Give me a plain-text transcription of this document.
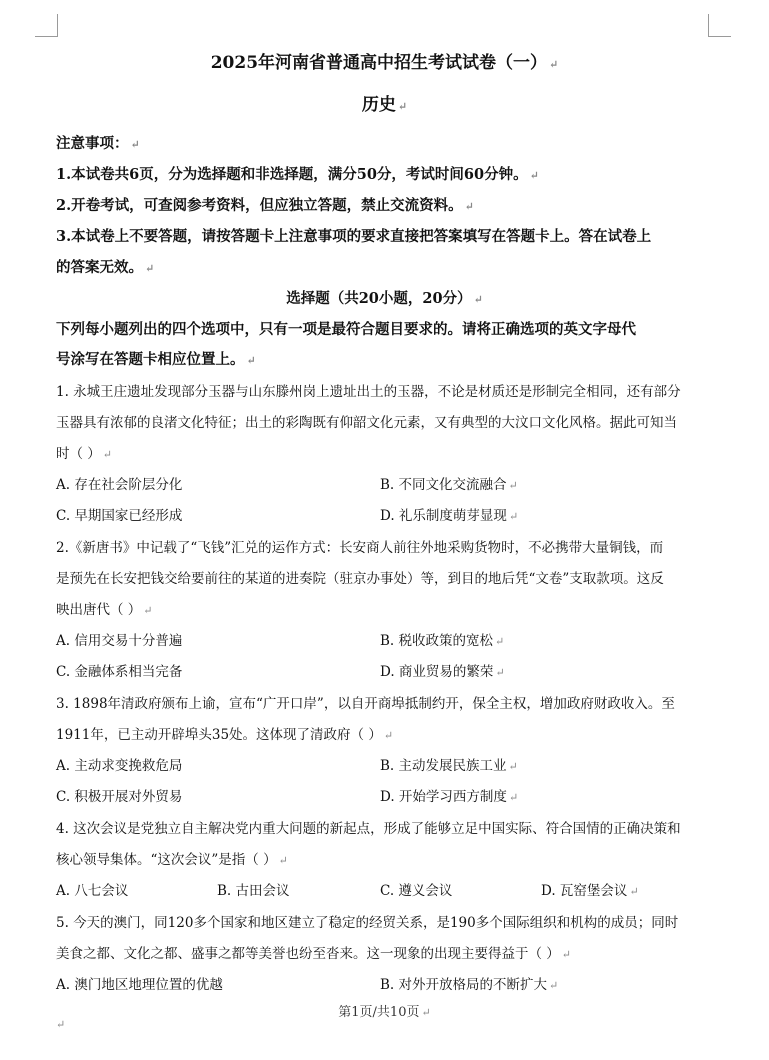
2025年河南省普通高中招生考试试卷（一） ↵
历史 ↵
注意事项： ↵
1.本试卷共6页，分为选择题和非选择题，满分50分，考试时间60分钟。 ↵
2.开卷考试，可查阅参考资料，但应独立答题，禁止交流资料。 ↵
3.本试卷上不要答题，请按答题卡上注意事项的要求直接把答案填写在答题卡上。答在试卷上
的答案无效。 ↵
选择题（共20小题，20分） ↵
下列每小题列出的四个选项中，只有一项是最符合题目要求的。请将正确选项的英文字母代
号涂写在答题卡相应位置上。 ↵
1. 永城王庄遗址发现部分玉器与山东滕州岗上遗址出土的玉器，不论是材质还是形制完全相同，还有部分
玉器具有浓郁的良渚文化特征；出土的彩陶既有仰韶文化元素，又有典型的大汶口文化风格。据此可知当
时（ ） ↵
A. 存在社会阶层分化	B. 不同文化交流融合 ↵
C. 早期国家已经形成	D. 礼乐制度萌芽显现 ↵
2.《新唐书》中记载了“飞钱”汇兑的运作方式：长安商人前往外地采购货物时，不必携带大量铜钱，而
是预先在长安把钱交给要前往的某道的进奏院（驻京办事处）等，到目的地后凭“文卷”支取款项。这反
映出唐代（ ） ↵
A. 信用交易十分普遍	B. 税收政策的宽松 ↵
C. 金融体系相当完备	D. 商业贸易的繁荣 ↵
3. 1898年清政府颁布上谕，宣布“广开口岸”，以自开商埠抵制约开，保全主权，增加政府财政收入。至
1911年，已主动开辟埠头35处。这体现了清政府（ ） ↵
A. 主动求变挽救危局	B. 主动发展民族工业 ↵
C. 积极开展对外贸易	D. 开始学习西方制度 ↵
4. 这次会议是党独立自主解决党内重大问题的新起点，形成了能够立足中国实际、符合国情的正确决策和
核心领导集体。“这次会议”是指（ ） ↵
A. 八七会议	B. 古田会议	C. 遵义会议	D. 瓦窑堡会议 ↵
5. 今天的澳门，同120多个国家和地区建立了稳定的经贸关系，是190多个国际组织和机构的成员；同时
美食之都、文化之都、盛事之都等美誉也纷至沓来。这一现象的出现主要得益于（ ） ↵
A. 澳门地区地理位置的优越	B. 对外开放格局的不断扩大 ↵
第1页/共10页 ↵
↵
